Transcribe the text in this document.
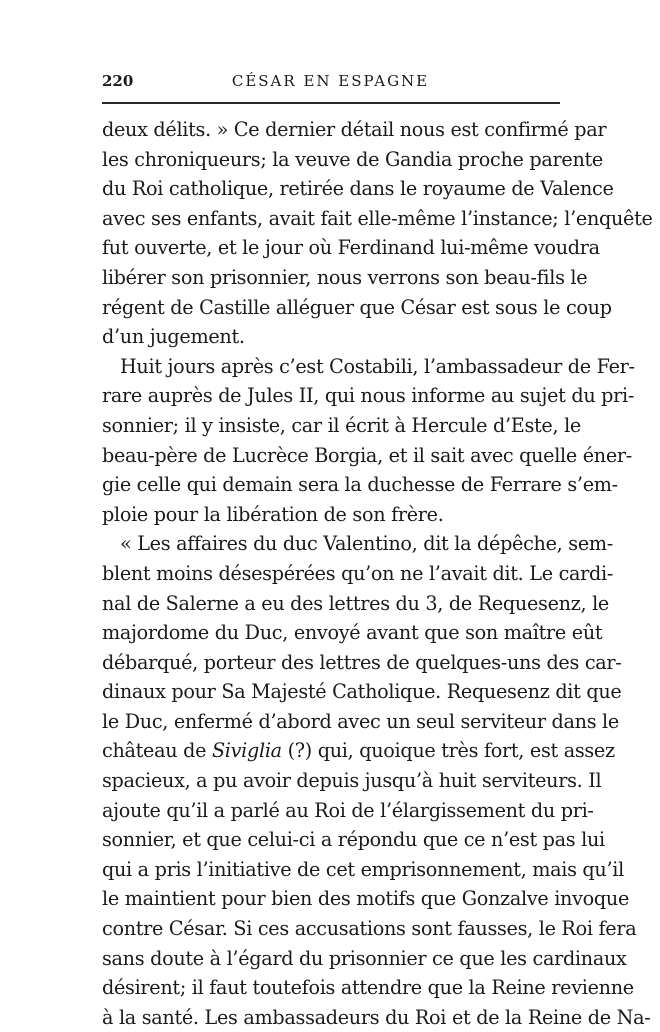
220	CÉSAR EN ESPAGNE
deux délits. » Ce dernier détail nous est confirmé par
les chroniqueurs; la veuve de Gandia proche parente
du Roi catholique, retirée dans le royaume de Valence
avec ses enfants, avait fait elle-même l’instance; l’enquête
fut ouverte, et le jour où Ferdinand lui-même voudra
libérer son prisonnier, nous verrons son beau-fils le
régent de Castille alléguer que César est sous le coup
d’un jugement.
Huit jours après c’est Costabili, l’ambassadeur de Fer-
rare auprès de Jules II, qui nous informe au sujet du pri-
sonnier; il y insiste, car il écrit à Hercule d’Este, le
beau-père de Lucrèce Borgia, et il sait avec quelle éner-
gie celle qui demain sera la duchesse de Ferrare s’em-
ploie pour la libération de son frère.
« Les affaires du duc Valentino, dit la dépêche, sem-
blent moins désespérées qu’on ne l’avait dit. Le cardi-
nal de Salerne a eu des lettres du 3, de Requesenz, le
majordome du Duc, envoyé avant que son maître eût
débarqué, porteur des lettres de quelques-uns des car-
dinaux pour Sa Majesté Catholique. Requesenz dit que
le Duc, enfermé d’abord avec un seul serviteur dans le
château de Siviglia (?) qui, quoique très fort, est assez
spacieux, a pu avoir depuis jusqu’à huit serviteurs. Il
ajoute qu’il a parlé au Roi de l’élargissement du pri-
sonnier, et que celui-ci a répondu que ce n’est pas lui
qui a pris l’initiative de cet emprisonnement, mais qu’il
le maintient pour bien des motifs que Gonzalve invoque
contre César. Si ces accusations sont fausses, le Roi fera
sans doute à l’égard du prisonnier ce que les cardinaux
désirent; il faut toutefois attendre que la Reine revienne
à la santé. Les ambassadeurs du Roi et de la Reine de Na-
